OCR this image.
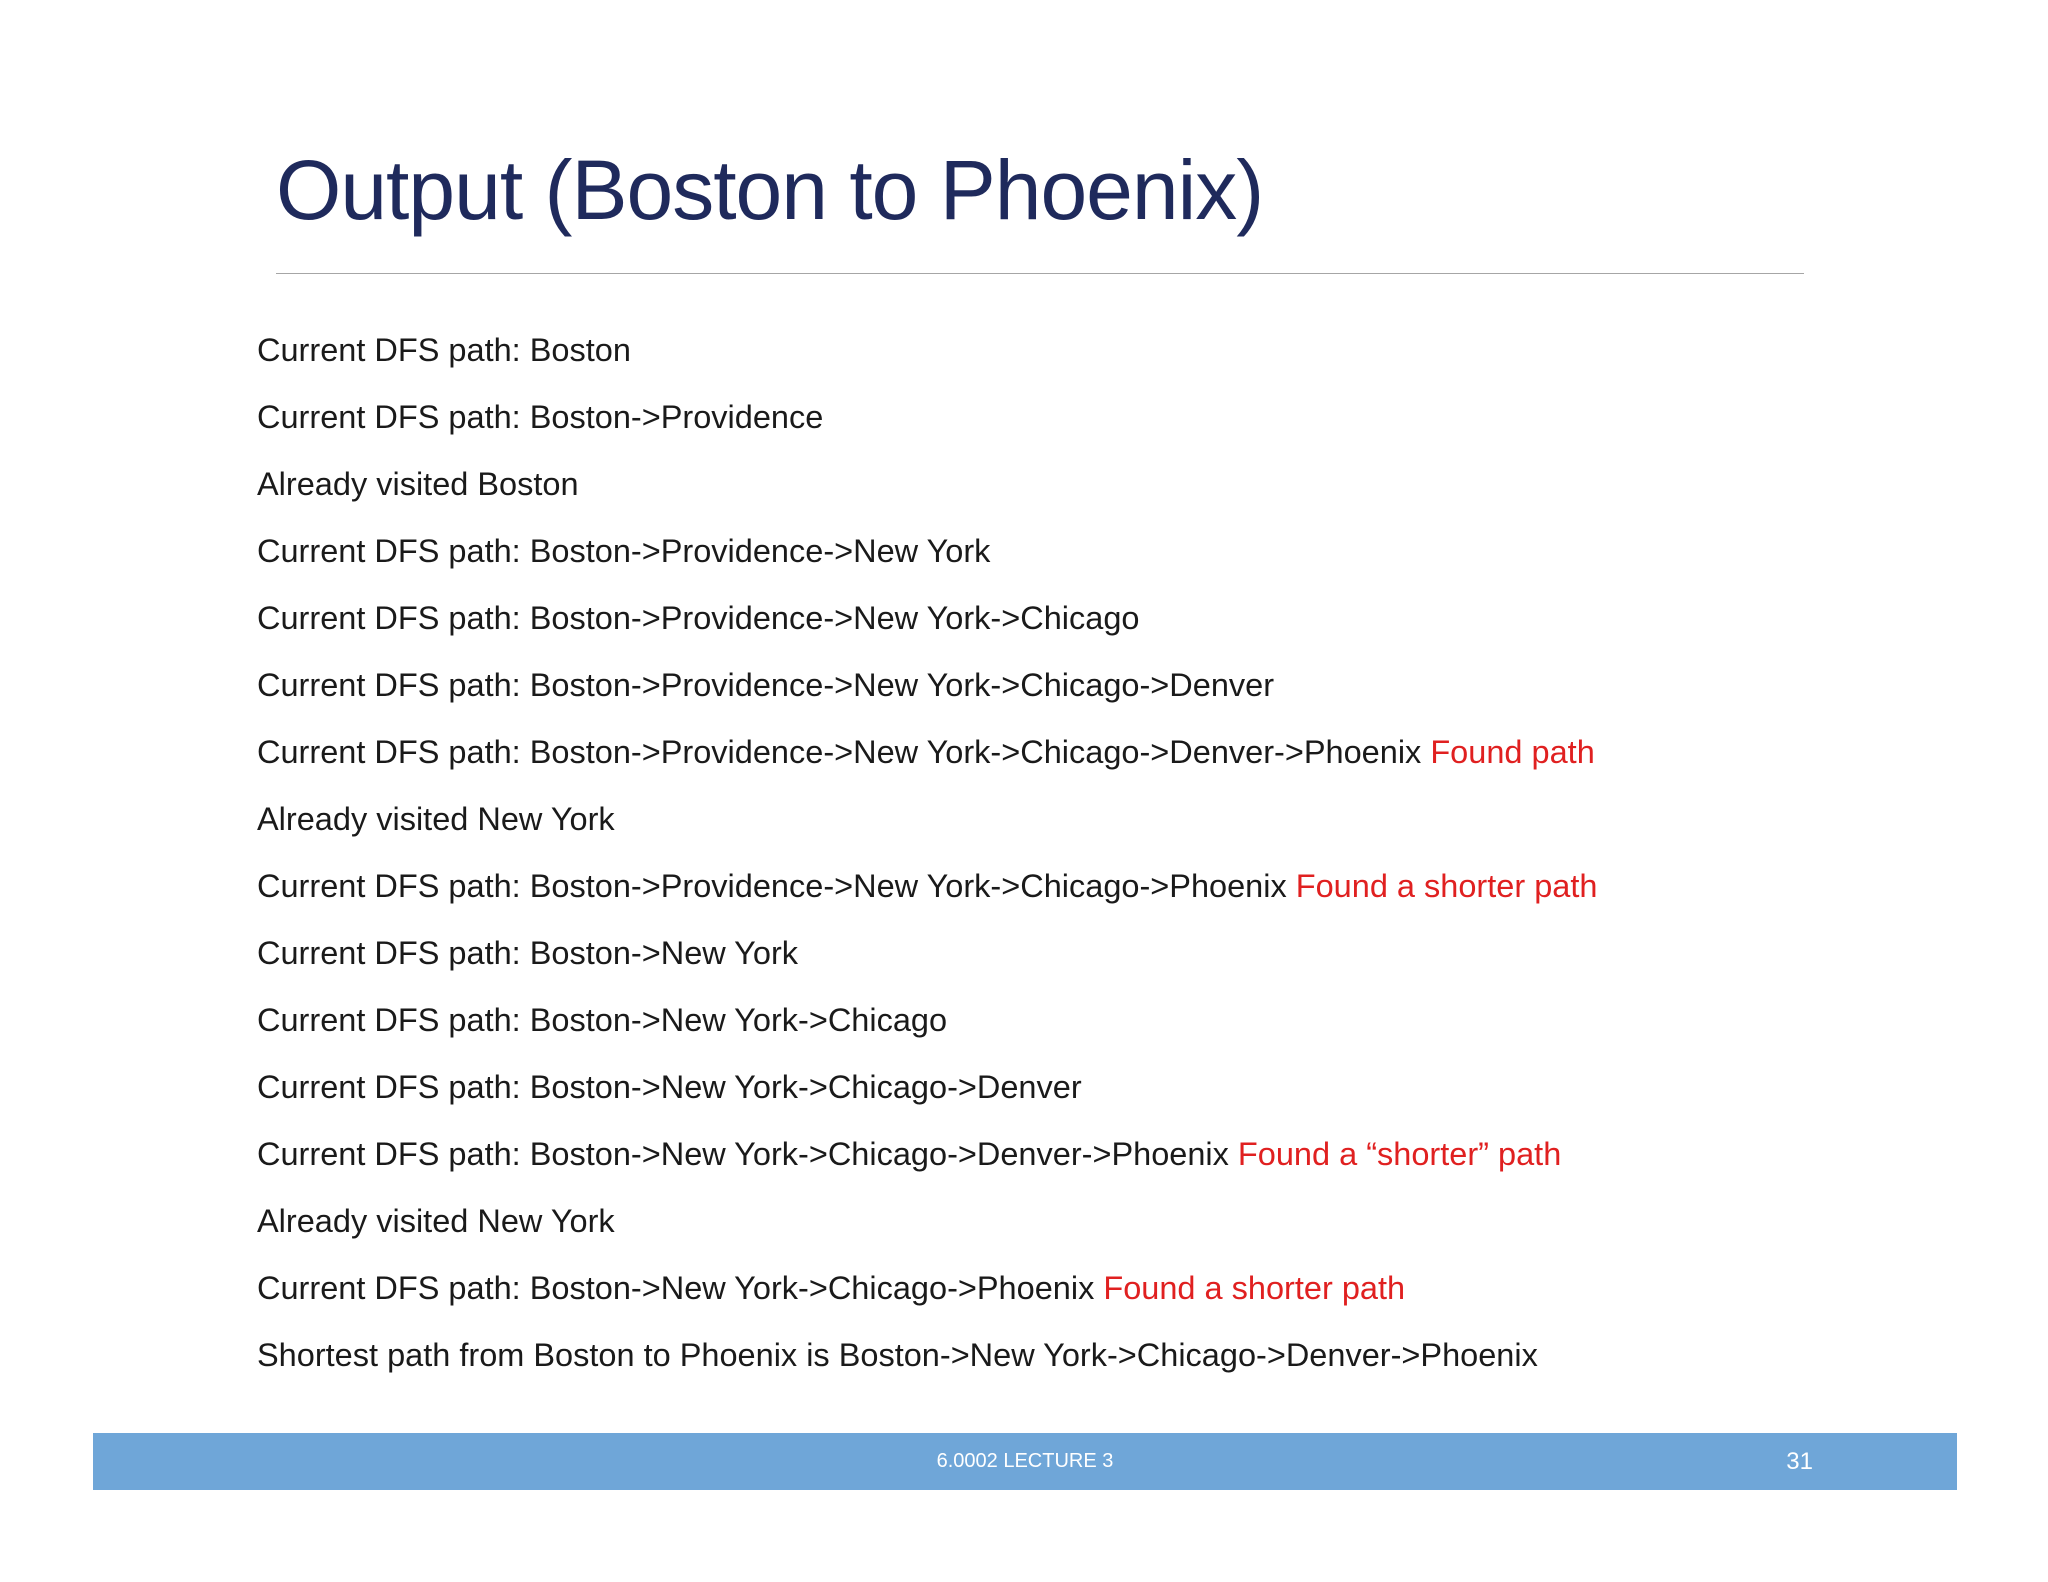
Output (Boston to Phoenix)
Current DFS path: Boston
Current DFS path: Boston->Providence
Already visited Boston
Current DFS path: Boston->Providence->New York
Current DFS path: Boston->Providence->New York->Chicago
Current DFS path: Boston->Providence->New York->Chicago->Denver
Current DFS path: Boston->Providence->New York->Chicago->Denver->Phoenix Found path
Already visited New York
Current DFS path: Boston->Providence->New York->Chicago->Phoenix Found a shorter path
Current DFS path: Boston->New York
Current DFS path: Boston->New York->Chicago
Current DFS path: Boston->New York->Chicago->Denver
Current DFS path: Boston->New York->Chicago->Denver->Phoenix Found a “shorter” path
Already visited New York
Current DFS path: Boston->New York->Chicago->Phoenix Found a shorter path
Shortest path from Boston to Phoenix is Boston->New York->Chicago->Denver->Phoenix
6.0002 LECTURE 3	31
